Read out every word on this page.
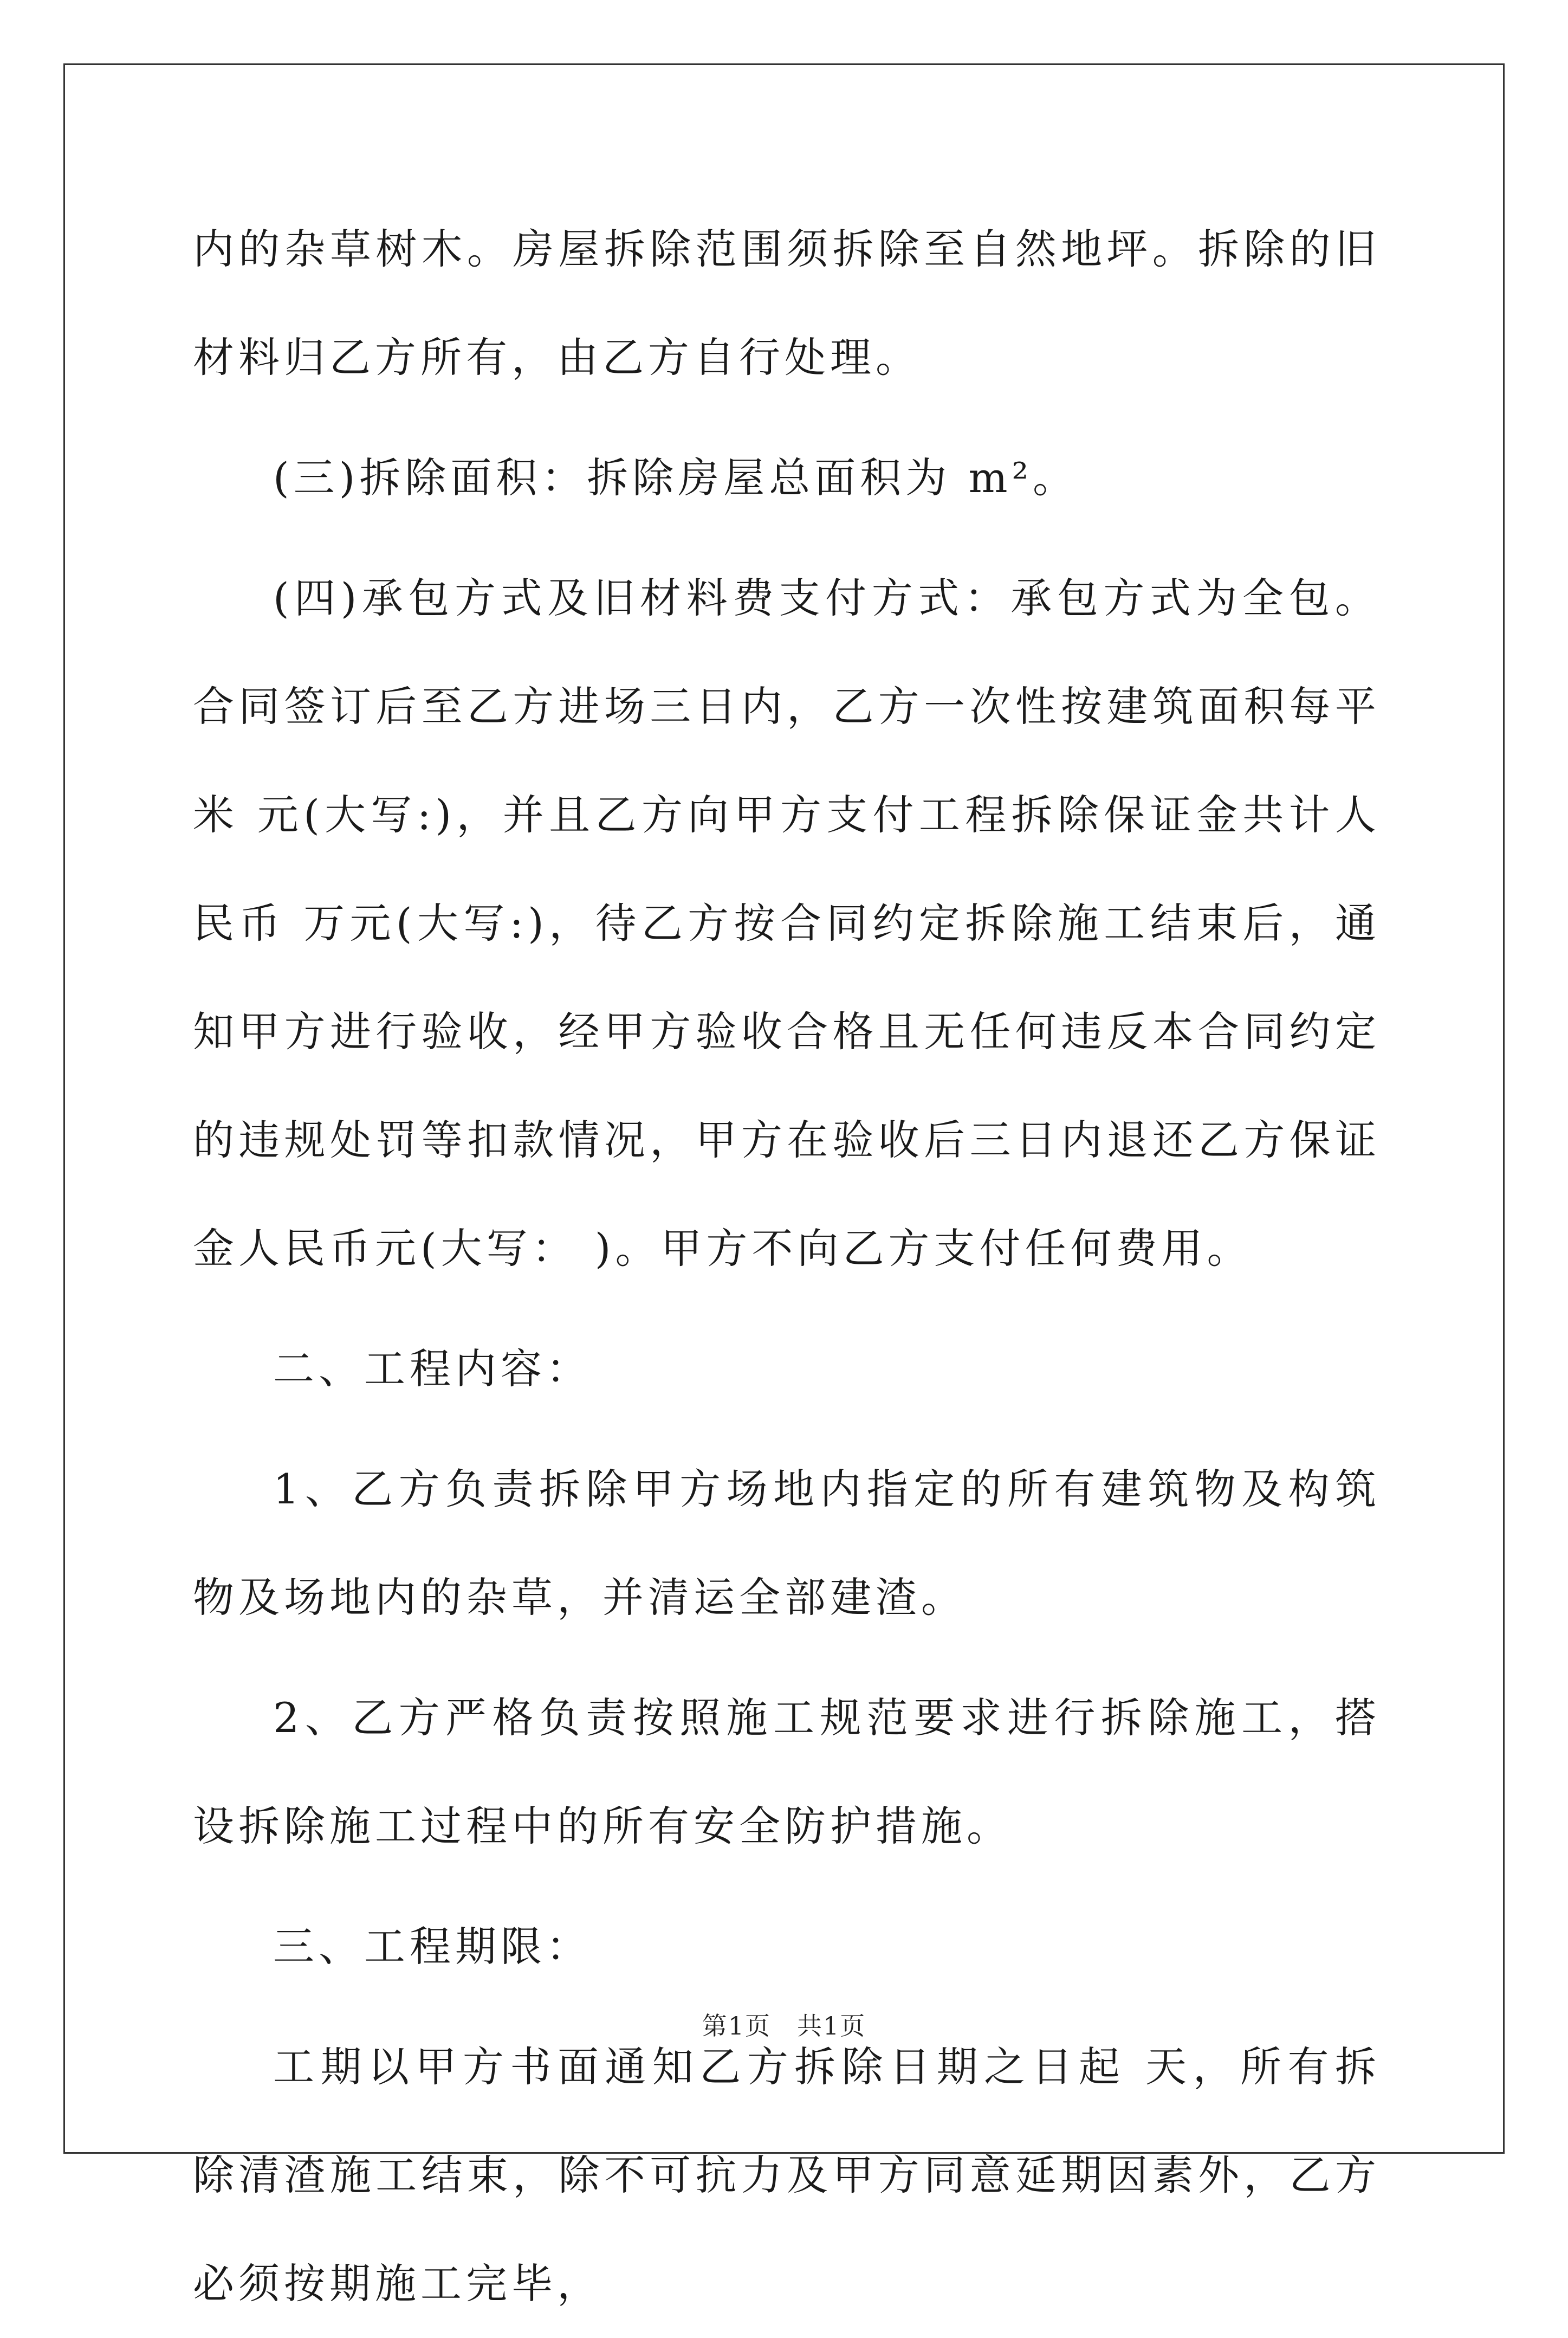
内的杂草树木。房屋拆除范围须拆除至自然地坪。拆除的旧材料归乙方所有，由乙方自行处理。

(三)拆除面积：拆除房屋总面积为 m²。

(四)承包方式及旧材料费支付方式：承包方式为全包。合同签订后至乙方进场三日内，乙方一次性按建筑面积每平米 元(大写:)，并且乙方向甲方支付工程拆除保证金共计人民币 万元(大写:)，待乙方按合同约定拆除施工结束后，通知甲方进行验收，经甲方验收合格且无任何违反本合同约定的违规处罚等扣款情况，甲方在验收后三日内退还乙方保证金人民币元(大写： )。甲方不向乙方支付任何费用。

二、工程内容：

1、乙方负责拆除甲方场地内指定的所有建筑物及构筑物及场地内的杂草，并清运全部建渣。

2、乙方严格负责按照施工规范要求进行拆除施工，搭设拆除施工过程中的所有安全防护措施。

三、工程期限：

工期以甲方书面通知乙方拆除日期之日起 天，所有拆除清渣施工结束，除不可抗力及甲方同意延期因素外，乙方必须按期施工完毕，

第1页　共1页
